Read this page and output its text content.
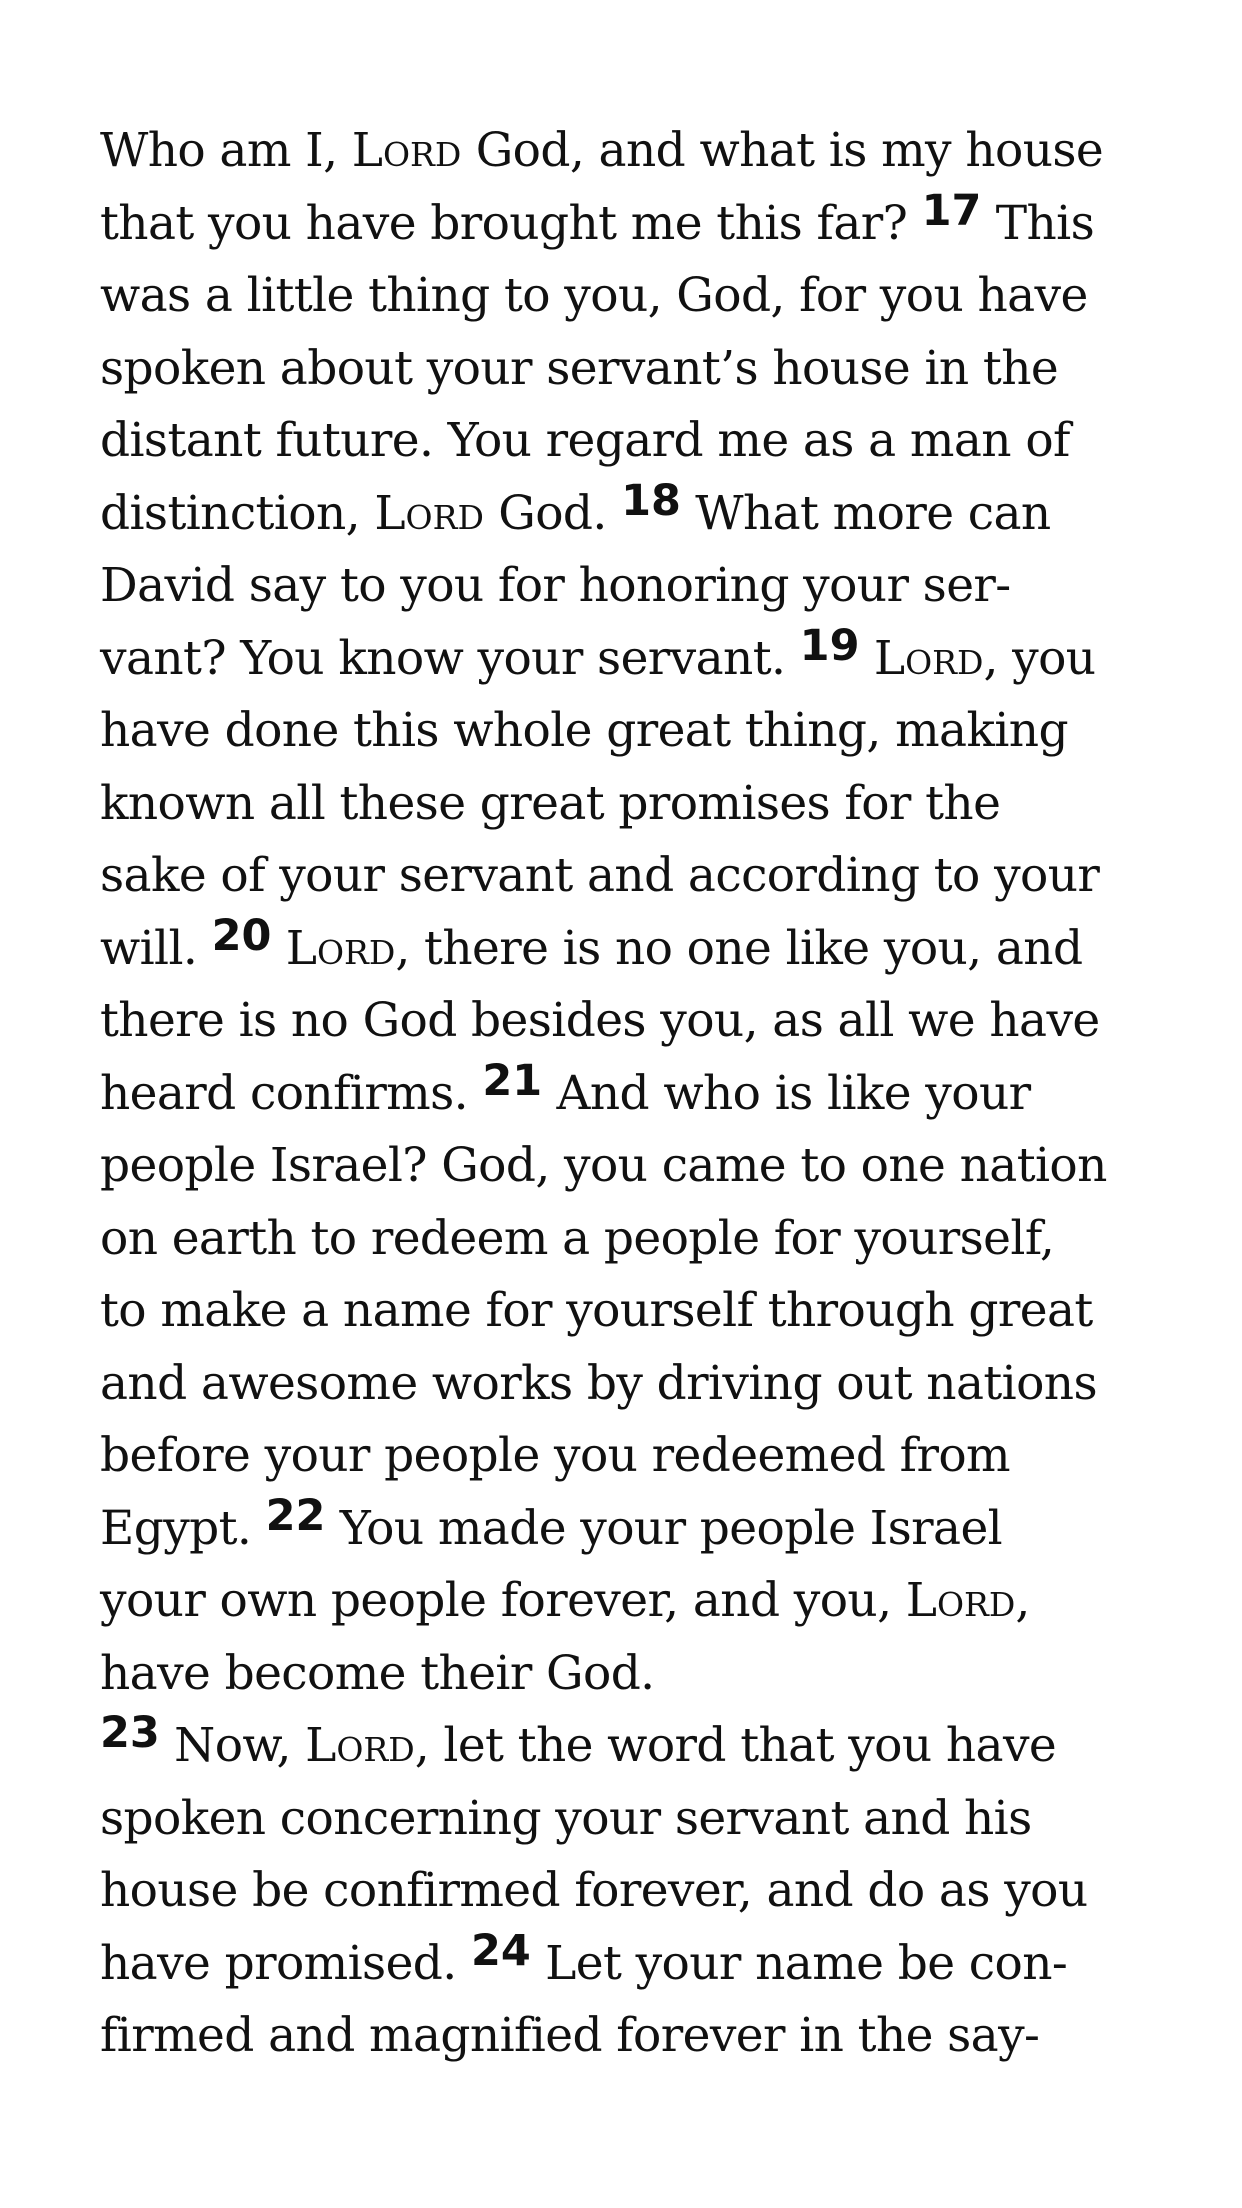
Who am I, Lord God, and what is my house
that you have brought me this far? 17 This
was a little thing to you, God, for you have
spoken about your servant’s house in the
distant future. You regard me as a man of
distinction, Lord God. 18 What more can
David say to you for honoring your ser-
vant? You know your servant. 19 Lord, you
have done this whole great thing, making
known all these great promises for the
sake of your servant and according to your
will. 20 Lord, there is no one like you, and
there is no God besides you, as all we have
heard confirms. 21 And who is like your
people Israel? God, you came to one nation
on earth to redeem a people for yourself,
to make a name for yourself through great
and awesome works by driving out nations
before your people you redeemed from
Egypt. 22 You made your people Israel
your own people forever, and you, Lord,
have become their God.
23 Now, Lord, let the word that you have
spoken concerning your servant and his
house be confirmed forever, and do as you
have promised. 24 Let your name be con-
firmed and magnified forever in the say-
